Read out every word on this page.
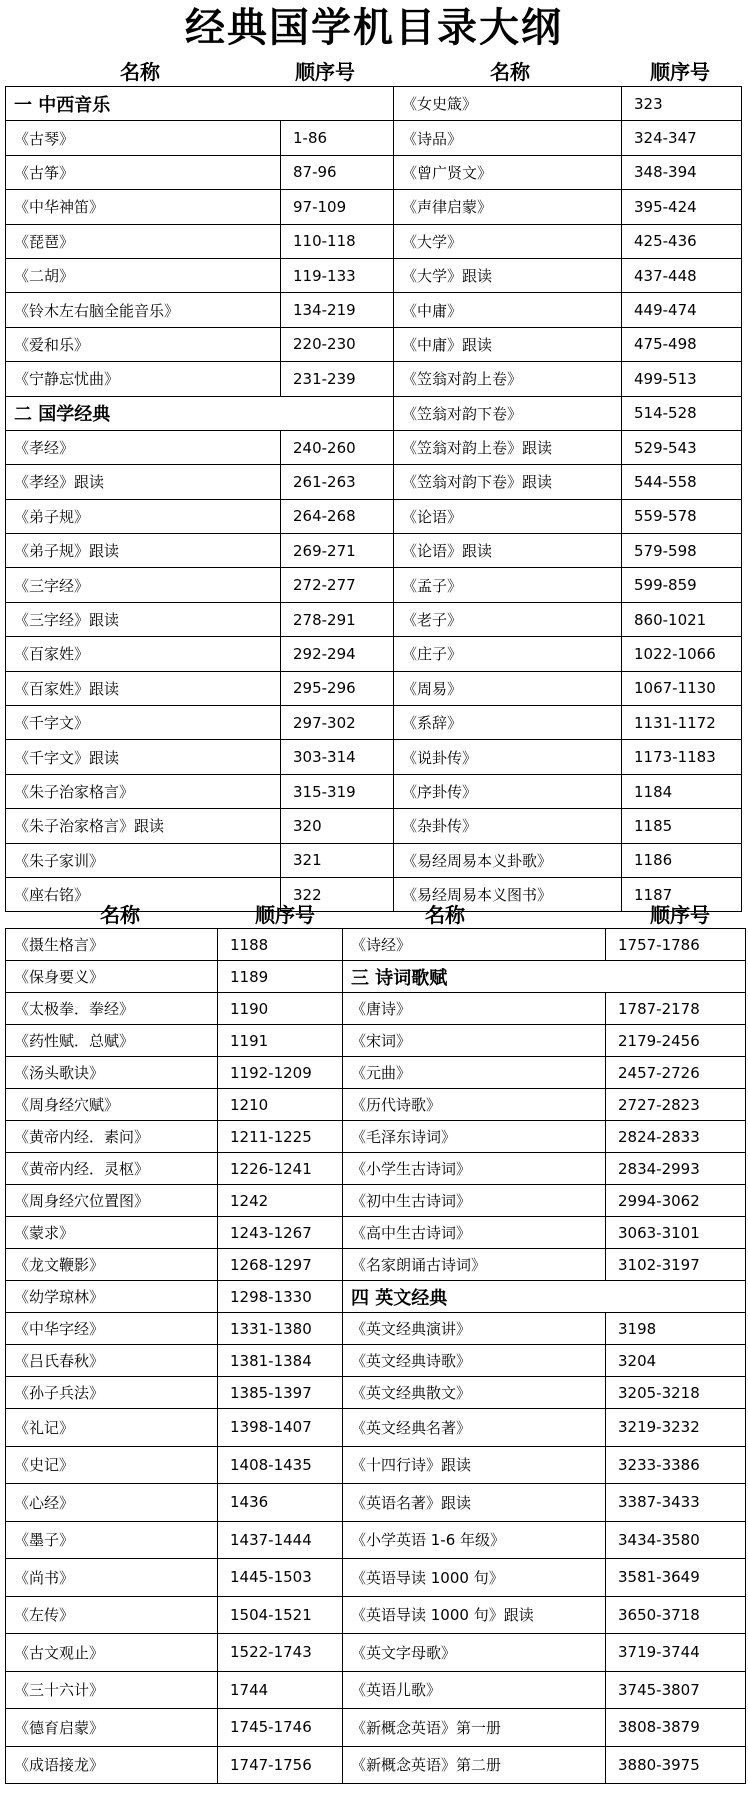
经典国学机目录大纲
名称	顺序号	名称	顺序号
一 中西音乐		《女史箴》	323
《古琴》	1-86	《诗品》	324-347
《古筝》	87-96	《曾广贤文》	348-394
《中华神笛》	97-109	《声律启蒙》	395-424
《琵琶》	110-118	《大学》	425-436
《二胡》	119-133	《大学》跟读	437-448
《铃木左右脑全能音乐》	134-219	《中庸》	449-474
《爱和乐》	220-230	《中庸》跟读	475-498
《宁静忘忧曲》	231-239	《笠翁对韵上卷》	499-513
二 国学经典		《笠翁对韵下卷》	514-528
《孝经》	240-260	《笠翁对韵上卷》跟读	529-543
《孝经》跟读	261-263	《笠翁对韵下卷》跟读	544-558
《弟子规》	264-268	《论语》	559-578
《弟子规》跟读	269-271	《论语》跟读	579-598
《三字经》	272-277	《孟子》	599-859
《三字经》跟读	278-291	《老子》	860-1021
《百家姓》	292-294	《庄子》	1022-1066
《百家姓》跟读	295-296	《周易》	1067-1130
《千字文》	297-302	《系辞》	1131-1172
《千字文》跟读	303-314	《说卦传》	1173-1183
《朱子治家格言》	315-319	《序卦传》	1184
《朱子治家格言》跟读	320	《杂卦传》	1185
《朱子家训》	321	《易经周易本义卦歌》	1186
《座右铭》	322	《易经周易本义图书》	1187
名称	顺序号	名称	顺序号
《摄生格言》	1188	《诗经》	1757-1786
《保身要义》	1189	三 诗词歌赋	
《太极拳．拳经》	1190	《唐诗》	1787-2178
《药性赋．总赋》	1191	《宋词》	2179-2456
《汤头歌诀》	1192-1209	《元曲》	2457-2726
《周身经穴赋》	1210	《历代诗歌》	2727-2823
《黄帝内经．素问》	1211-1225	《毛泽东诗词》	2824-2833
《黄帝内经．灵枢》	1226-1241	《小学生古诗词》	2834-2993
《周身经穴位置图》	1242	《初中生古诗词》	2994-3062
《蒙求》	1243-1267	《高中生古诗词》	3063-3101
《龙文鞭影》	1268-1297	《名家朗诵古诗词》	3102-3197
《幼学琼林》	1298-1330	四 英文经典	
《中华字经》	1331-1380	《英文经典演讲》	3198
《吕氏春秋》	1381-1384	《英文经典诗歌》	3204
《孙子兵法》	1385-1397	《英文经典散文》	3205-3218
《礼记》	1398-1407	《英文经典名著》	3219-3232
《史记》	1408-1435	《十四行诗》跟读	3233-3386
《心经》	1436	《英语名著》跟读	3387-3433
《墨子》	1437-1444	《小学英语 1-6 年级》	3434-3580
《尚书》	1445-1503	《英语导读 1000 句》	3581-3649
《左传》	1504-1521	《英语导读 1000 句》跟读	3650-3718
《古文观止》	1522-1743	《英文字母歌》	3719-3744
《三十六计》	1744	《英语儿歌》	3745-3807
《德育启蒙》	1745-1746	《新概念英语》第一册	3808-3879
《成语接龙》	1747-1756	《新概念英语》第二册	3880-3975
